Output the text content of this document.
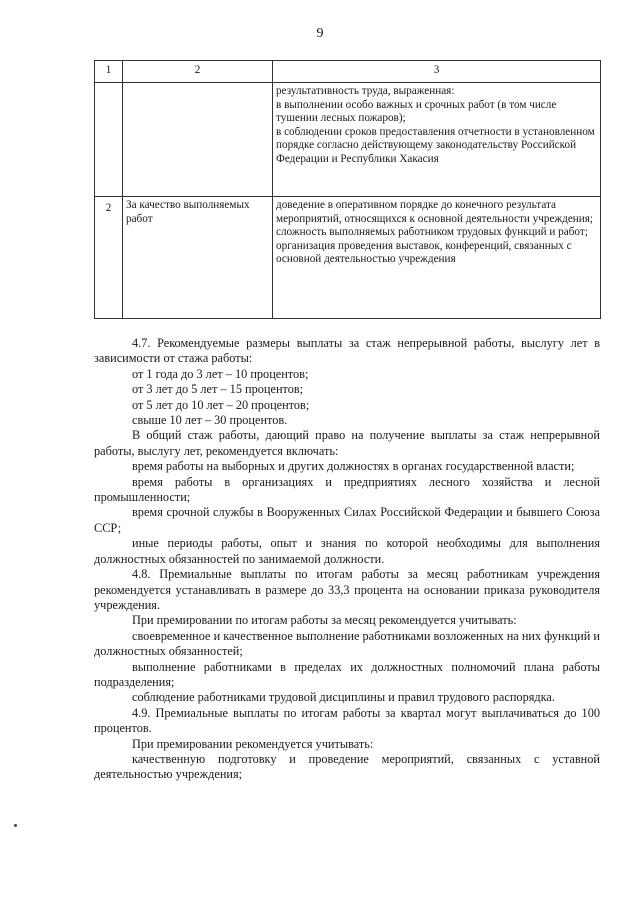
9
1	2	3
		результативность труда, выраженная:
в выполнении особо важных и срочных работ (в том числе тушении лесных пожаров);
в соблюдении сроков предоставления отчетности в установленном порядке согласно действующему законодательству Российской Федерации и Республики Хакасия
2	За качество выполняемых работ	доведение в оперативном порядке до конечного результата мероприятий, относящихся к основной деятельности учреждения;
сложность выполняемых работником трудовых функций и работ;
организация проведения выставок, конференций, связанных с основной деятельностью учреждения

4.7. Рекомендуемые размеры выплаты за стаж непрерывной работы, выслугу лет в зависимости от стажа работы:

от 1 года до 3 лет – 10 процентов;

от 3 лет до 5 лет – 15 процентов;

от 5 лет до 10 лет – 20 процентов;

свыше 10 лет – 30 процентов.

В общий стаж работы, дающий право на получение выплаты за стаж непрерывной работы, выслугу лет, рекомендуется включать:

время работы на выборных и других должностях в органах государственной власти;

время работы в организациях и предприятиях лесного хозяйства и лесной промышленности;

время срочной службы в Вооруженных Силах Российской Федерации и бывшего Союза ССР;

иные периоды работы, опыт и знания по которой необходимы для выполнения должностных обязанностей по занимаемой должности.

4.8. Премиальные выплаты по итогам работы за месяц работникам учреждения рекомендуется устанавливать в размере до 33,3 процента на основании приказа руководителя учреждения.

При премировании по итогам работы за месяц рекомендуется учитывать:

своевременное и качественное выполнение работниками возложенных на них функций и должностных обязанностей;

выполнение работниками в пределах их должностных полномочий плана работы подразделения;

соблюдение работниками трудовой дисциплины и правил трудового распорядка.

4.9. Премиальные выплаты по итогам работы за квартал могут выплачиваться до 100 процентов.

При премировании рекомендуется учитывать:

качественную подготовку и проведение мероприятий, связанных с уставной деятельностью учреждения;
